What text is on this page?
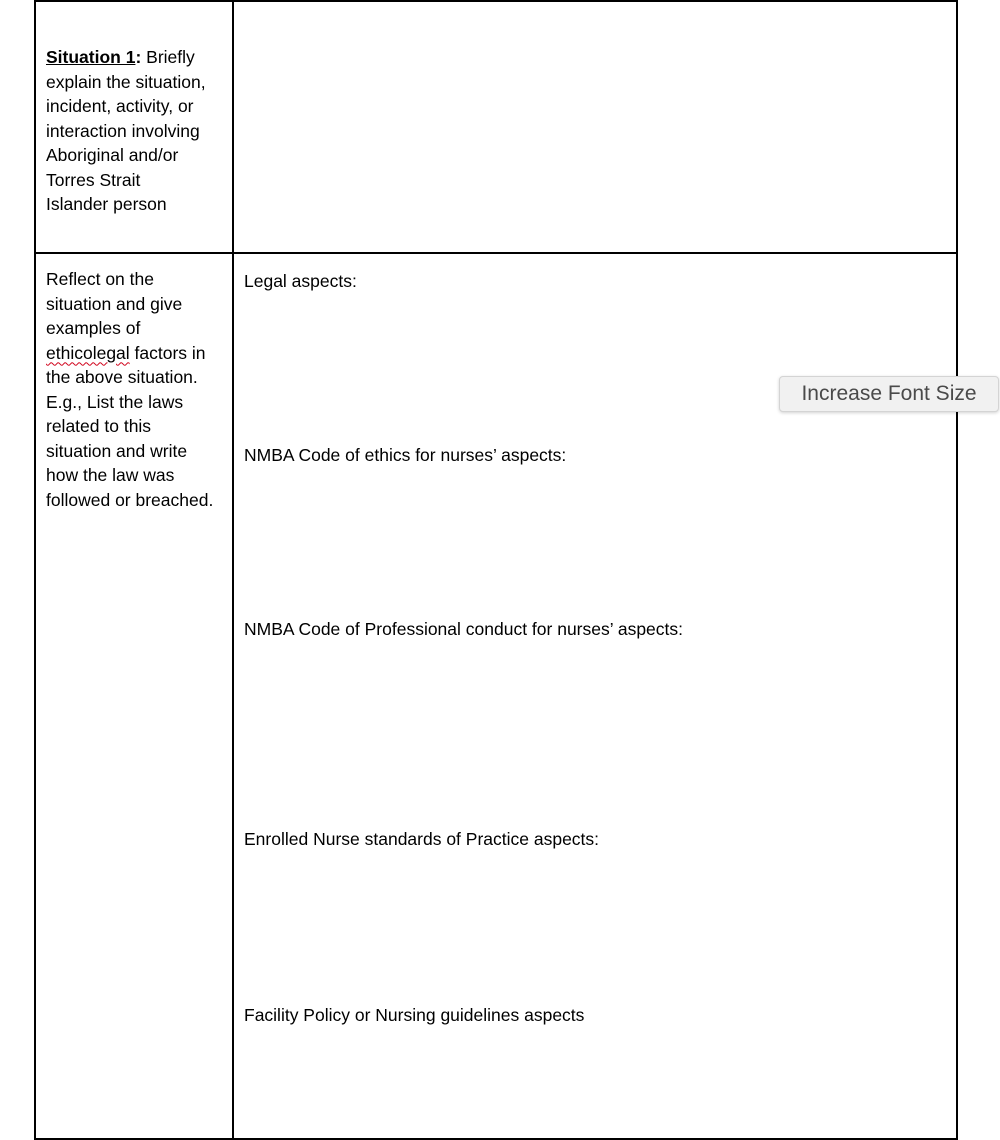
Situation 1: Briefly
explain the situation,
incident, activity, or
interaction involving
Aboriginal and/or
Torres Strait
Islander person
Reflect on the
situation and give
examples of
ethicolegal factors in
the above situation.
E.g., List the laws
related to this
situation and write
how the law was
followed or breached.
Legal aspects:
NMBA Code of ethics for nurses’ aspects:
NMBA Code of Professional conduct for nurses’ aspects:
Enrolled Nurse standards of Practice aspects:
Facility Policy or Nursing guidelines aspects
Increase Font Size
